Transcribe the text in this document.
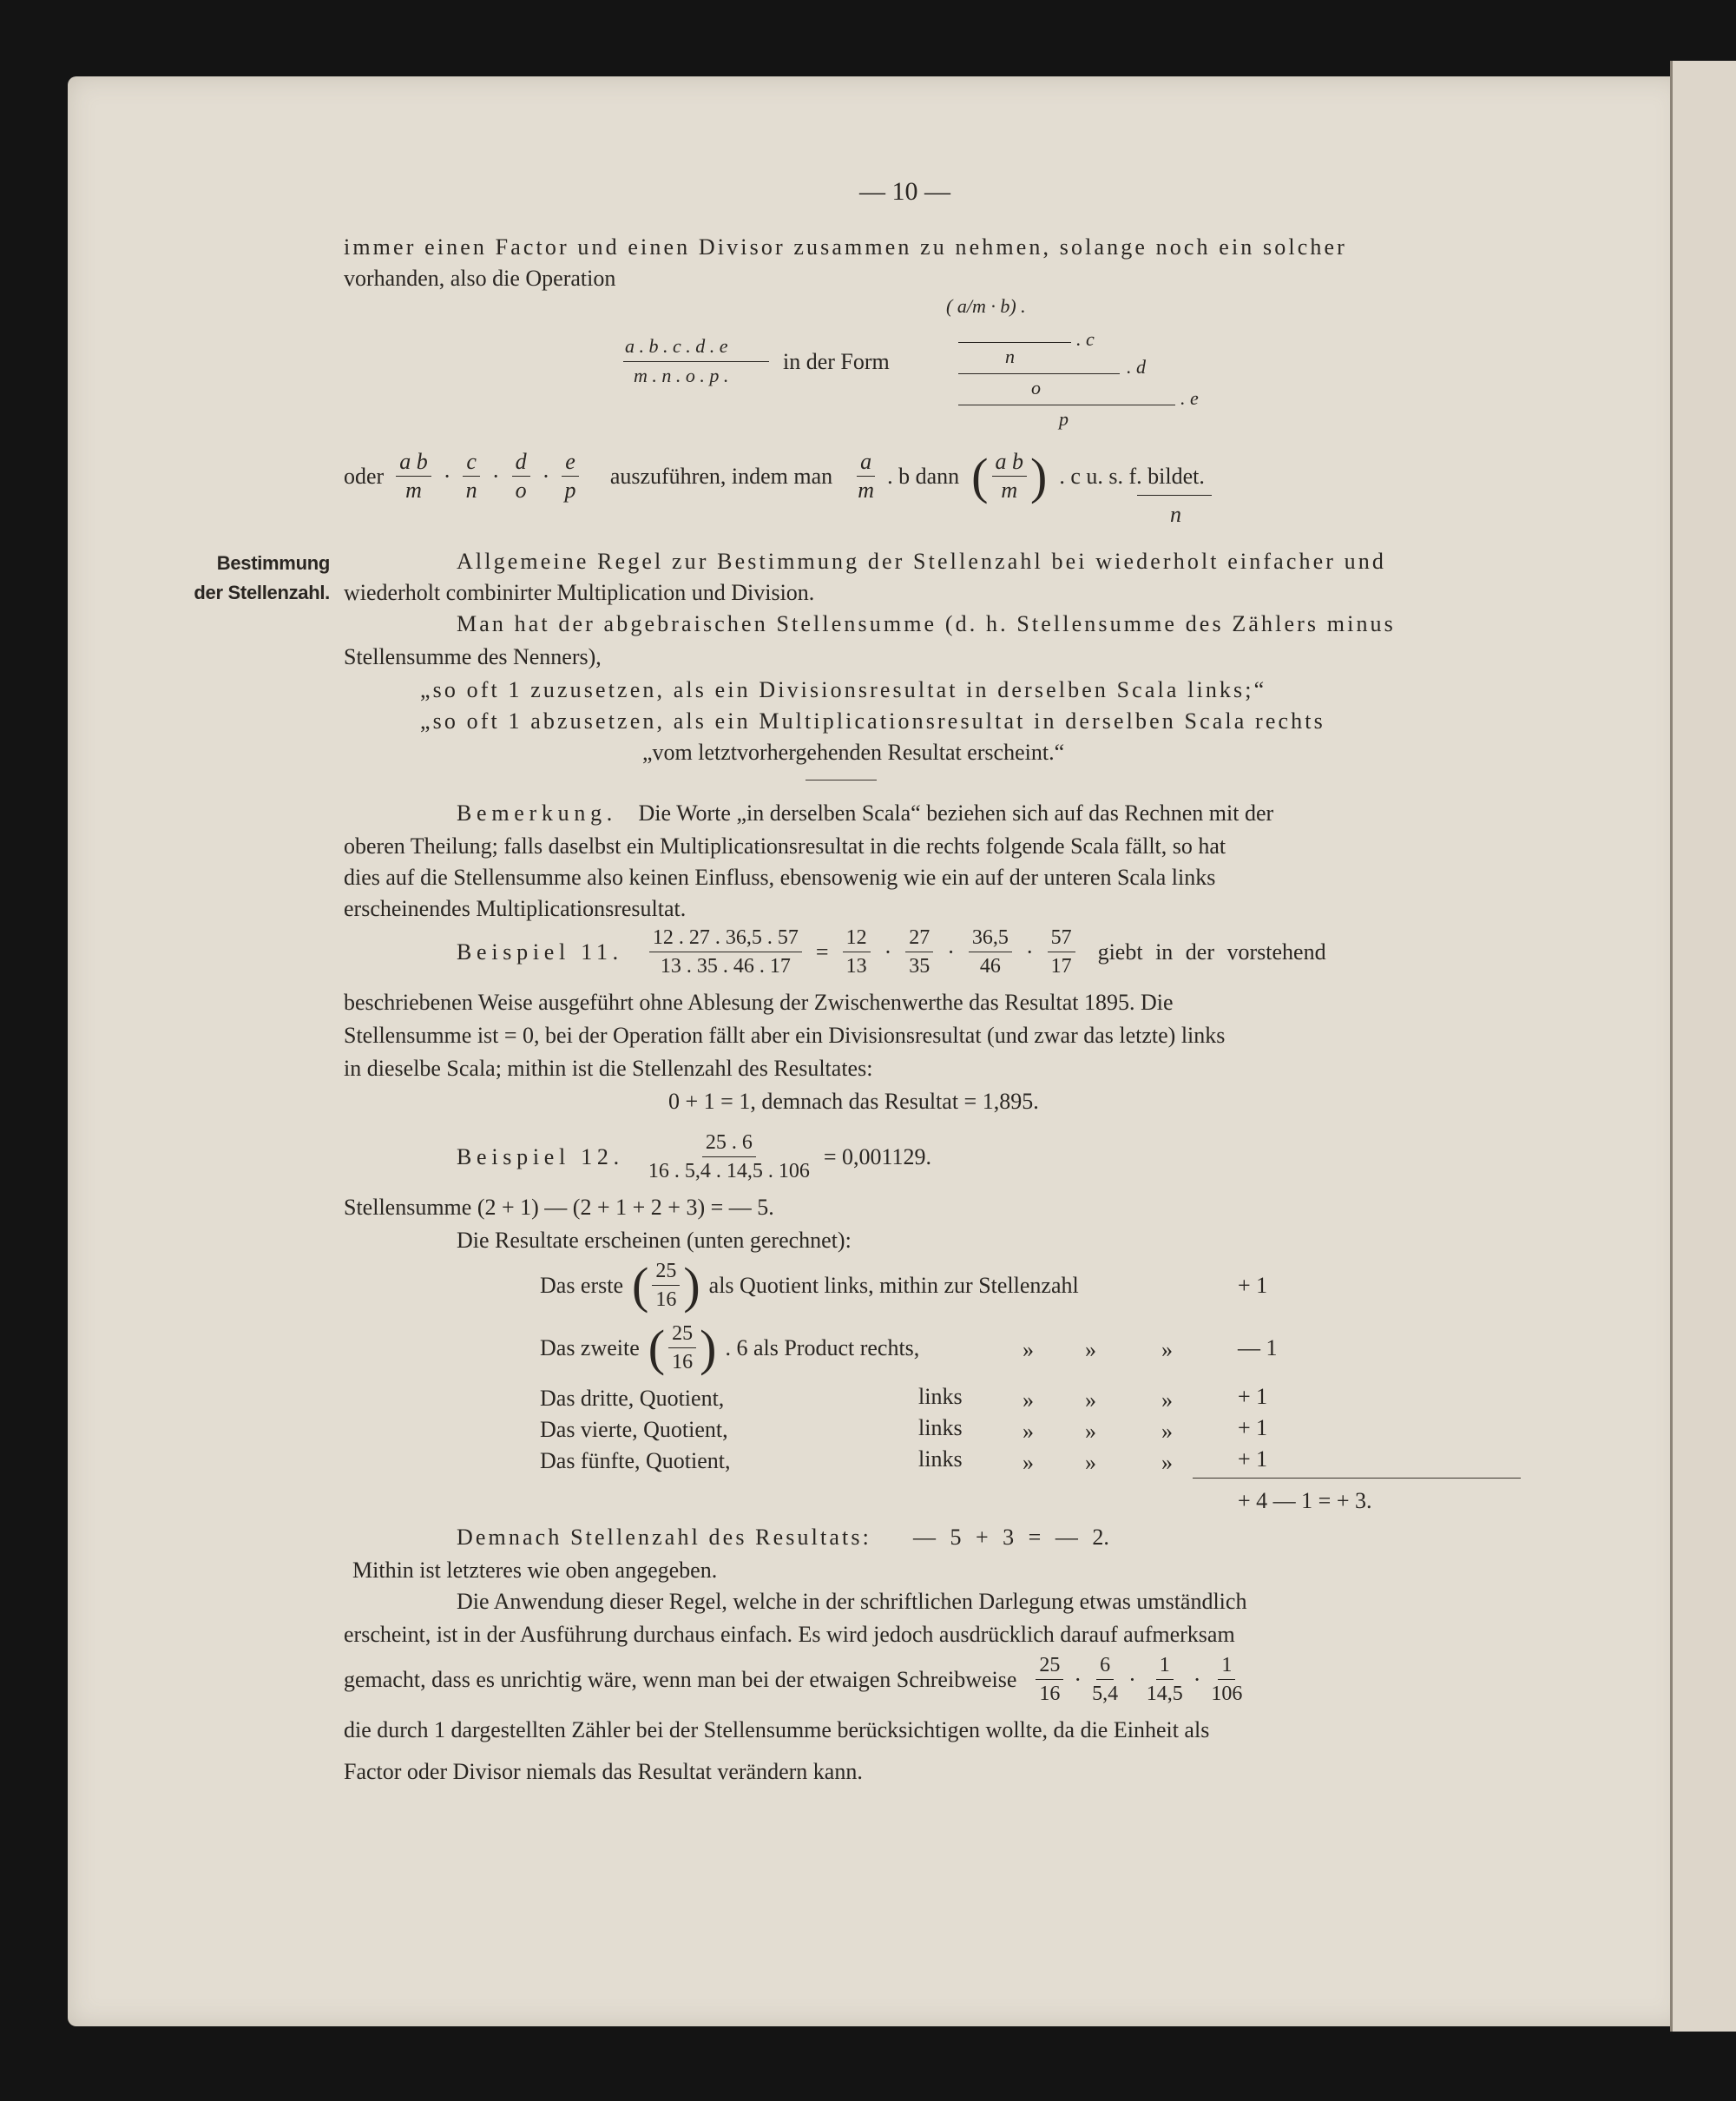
— 10 —
immer einen Factor und einen Divisor zusammen zu nehmen, solange noch ein solcher
vorhanden, also die Operation
a . b . c . d . e
m . n . o . p .
in der Form
( a/m · b) .
. c
n	. d
o	. e
p
oder $\frac{\text{a b}}{m} \cdot \frac{c}{n} \cdot \frac{d}{o} \cdot \frac{e}{p}$ auszuführen, indem man $\frac{a}{m}$ . b dann ( $\frac{\text{a b}}{m}$ ) . c u. s. f. bildet.
n
Bestimmung
der Stellenzahl.
Allgemeine Regel zur Bestimmung der Stellenzahl bei wiederholt einfacher und
wiederholt combinirter Multiplication und Division.
Man hat der abgebraischen Stellensumme (d. h. Stellensumme des Zählers minus
Stellensumme des Nenners),
„so oft 1 zuzusetzen, als ein Divisionsresultat in derselben Scala links;“
„so oft 1 abzusetzen, als ein Multiplicationsresultat in derselben Scala rechts
„vom letztvorhergehenden Resultat erscheint.“
Bemerkung. Die Worte „in derselben Scala“ beziehen sich auf das Rechnen mit der
oberen Theilung; falls daselbst ein Multiplicationsresultat in die rechts folgende Scala fällt, so hat
dies auf die Stellensumme also keinen Einfluss, ebensowenig wie ein auf der unteren Scala links
erscheinendes Multiplicationsresultat.
Beispiel 11. $\frac{12 . 27 . 36,5 . 57}{13 . 35 . 46 . 17} = \frac{12}{13} \cdot \frac{27}{35} \cdot \frac{36,5}{46} \cdot \frac{57}{17}$ giebt in der vorstehend
beschriebenen Weise ausgeführt ohne Ablesung der Zwischenwerthe das Resultat 1895. Die
Stellensumme ist = 0, bei der Operation fällt aber ein Divisionsresultat (und zwar das letzte) links
in dieselbe Scala; mithin ist die Stellenzahl des Resultates:
0 + 1 = 1, demnach das Resultat = 1,895.
Beispiel 12. $\frac{25 . 6}{16 . 5,4 . 14,5 . 106} = 0,001129$.
Stellensumme (2 + 1) — (2 + 1 + 2 + 3) = — 5.
Die Resultate erscheinen (unten gerechnet):
Das erste ( $\frac{25}{16}$ ) als Quotient links, mithin zur Stellenzahl	+ 1
Das zweite ( $\frac{25}{16}$ ) . 6 als Product rechts,	» »	»	— 1
Das dritte, Quotient,	links	» »	»	+ 1
Das vierte, Quotient,	links	» »	»	+ 1
Das fünfte, Quotient,	links	» »	»	+ 1
+ 4 — 1 = + 3.
Demnach Stellenzahl des Resultats: — 5 + 3 = — 2.
Mithin ist letzteres wie oben angegeben.
Die Anwendung dieser Regel, welche in der schriftlichen Darlegung etwas umständlich
erscheint, ist in der Ausführung durchaus einfach. Es wird jedoch ausdrücklich darauf aufmerksam
gemacht, dass es unrichtig wäre, wenn man bei der etwaigen Schreibweise $\frac{25}{16} \cdot \frac{6}{5,4} \cdot \frac{1}{14,5} \cdot \frac{1}{106}$
die durch 1 dargestellten Zähler bei der Stellensumme berücksichtigen wollte, da die Einheit als
Factor oder Divisor niemals das Resultat verändern kann.
